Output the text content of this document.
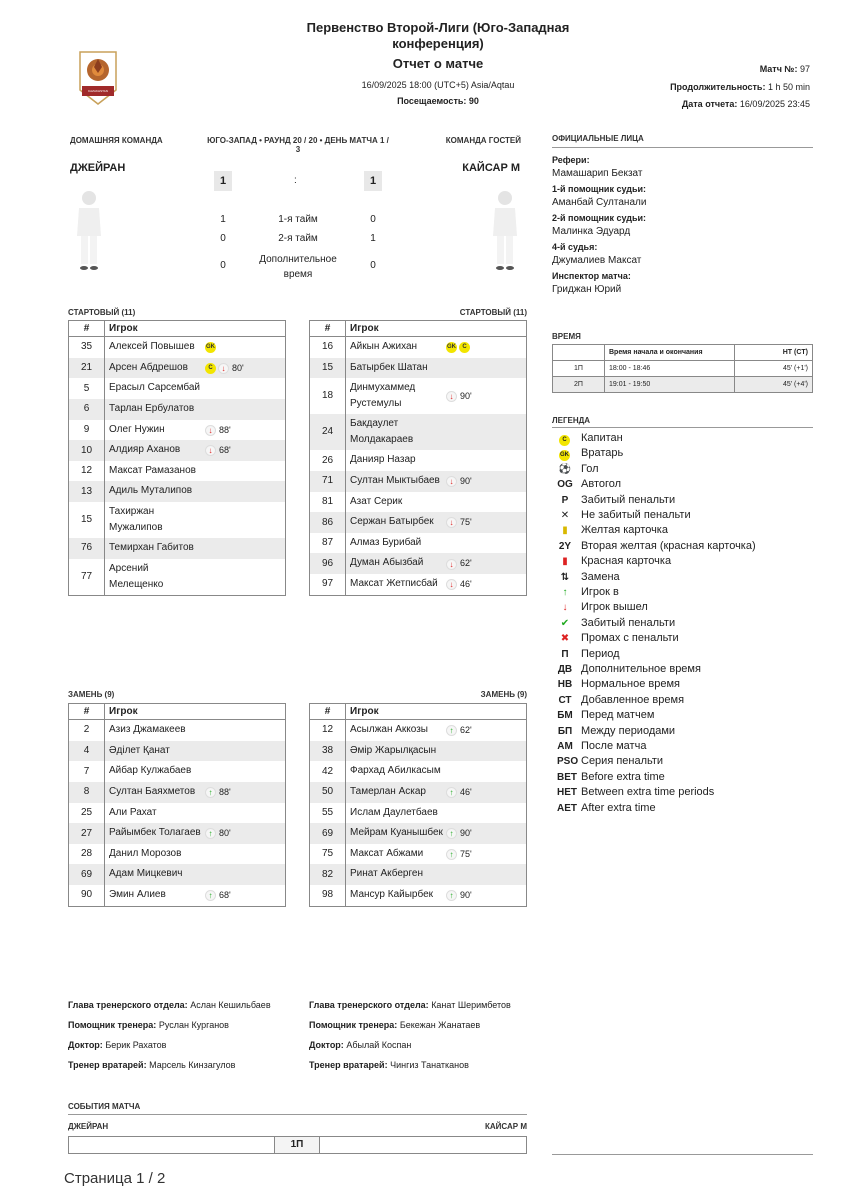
KAZAKHSTAN
Первенство Второй-Лиги (Юго-Западная конференция)
Отчет о матче
16/09/2025 18:00 (UTC+5) Asia/Aqtau
Посещаемость: 90
Матч №: 97
Продолжительность: 1 h 50 min
Дата отчета: 16/09/2025 23:45
ДОМАШНЯЯ КОМАНДА	ЮГО-ЗАПАД • РАУНД 20 / 20 • ДЕНЬ МАТЧА 1 /
3
КОМАНДА ГОСТЕЙ
ДЖЕЙРАН	КАЙСАР М
1	:	1
1	1-я тайм	0
0	2-я тайм	1
0
Дополнительное время
0
СТАРТОВЫЙ (11)	СТАРТОВЫЙ (11)
ЗАМЕНЬ (9)	ЗАМЕНЬ (9)
#	Игрок
35	Алексей Повышев GK
21	Арсен Абдрешов C ↓ 80'
5	Ерасыл Сарсембай
6	Тарлан Ербулатов
9	Олег Нужин ↓ 88'
10	Алдияр Аханов ↓ 68'
12	Максат Рамазанов
13	Адиль Муталипов
15	Тахиржан Мужалипов
76	Темирхан Габитов
77	Арсений Мелещенко
#	Игрок
16	Айкын Ажихан GK C
15	Батырбек Шатан
18	Динмухаммед Рустемулы↓ 90'
24	Бакдаулет Молдакараев
26	Данияр Назар
71	Султан Мыктыбаев ↓ 90'
81	Азат Серик
86	Сержан Батырбек ↓ 75'
87	Алмаз Бурибай
96	Думан Абызбай ↓ 62'
97	Максат Жетписбай ↓ 46'
#	Игрок
2	Азиз Джамакеев
4	Әділет Қанат
7	Айбар Кулжабаев
8	Султан Баяхметов ↑ 88'
25	Али Рахат
27	Райымбек Толагаев ↑ 80'
28	Данил Морозов
69	Адам Мицкевич
90	Эмин Алиев ↑ 68'
#	Игрок
12	Асылжан Аккозы ↑ 62'
38	Әмір Жарылқасын
42	Фархад Абилкасым
50	Тамерлан Аскар ↑ 46'
55	Ислам Даулетбаев
69	Мейрам Куанышбек ↑ 90'
75	Максат Абжами ↑ 75'
82	Ринат Акберген
98	Мансур Кайырбек ↑ 90'
ОФИЦИАЛЬНЫЕ ЛИЦА
Рефери:
Мамашарип Бекзат
1-й помощник судьи:
Аманбай Султанали
2-й помощник судьи:
Малинка Эдуард
4-й судья:
Джумалиев Максат
Инспектор матча:
Гриджан Юрий
ВРЕМЯ
	Время начала и окончания	HT (CT)
1П	18:00 - 18:46	45' (+1')
2П	19:01 - 19:50	45' (+4')
ЛЕГЕНДА
C Капитан
GK Вратарь
⚽ Гол
OG Автогол
P Забитый пенальти
✕ Не забитый пенальти
▮ Желтая карточка
2Y Вторая желтая (красная карточка)
▮ Красная карточка
⇅ Замена
↑ Игрок в
↓ Игрок вышел
✔ Забитый пенальти
✖ Промах с пенальти
П Период
ДВ Дополнительное время
НВ Нормальное время
СТ Добавленное время
БМ Перед матчем
БП Между периодами
АМ После матча
PSO Серия пенальти
BET Before extra time
HET Between extra time periods
AET After extra time
Глава тренерского отдела: Аслан Кешильбаев
Помощник тренера: Руслан Курганов
Доктор: Берик Рахатов
Тренер вратарей: Марсель Кинзагулов
Глава тренерского отдела: Канат Шеримбетов
Помощник тренера: Бекежан Жанатаев
Доктор: Абылай Коспан
Тренер вратарей: Чингиз Танатканов
СОБЫТИЯ МАТЧА
ДЖЕЙРАН	КАЙСАР М
1П
Страница 1 / 2
